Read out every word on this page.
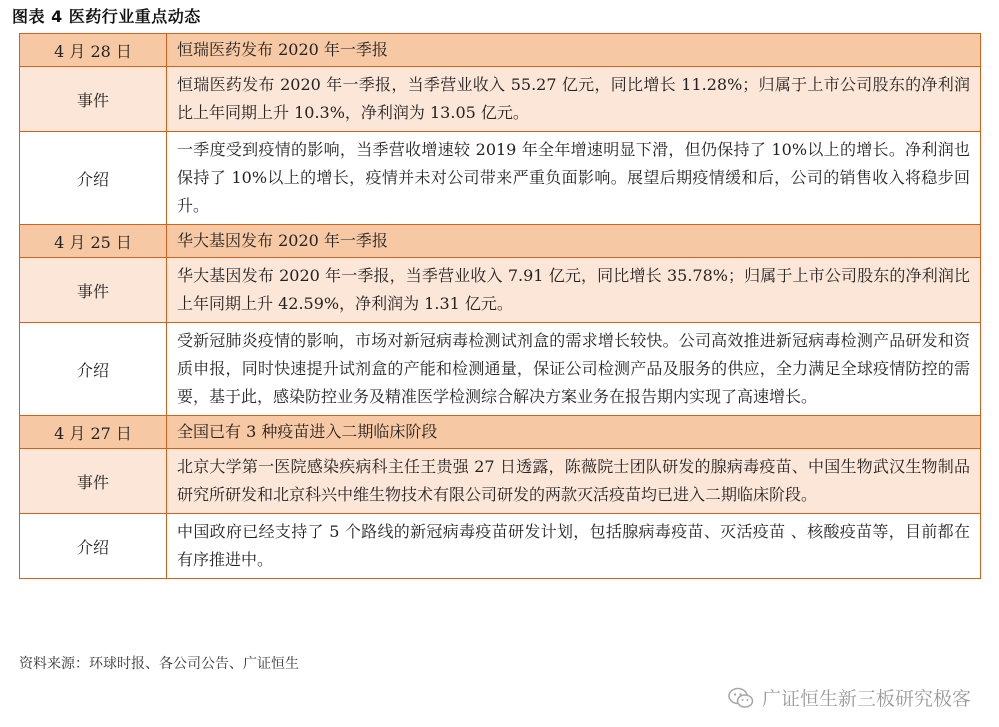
图表 4 医药行业重点动态
4 月 28 日	恒瑞医药发布 2020 年一季报
事件	恒瑞医药发布 2020 年一季报，当季营业收入 55.27 亿元，同比增长 11.28%；归属于上市公司股东的净利润比上年同期上升 10.3%，净利润为 13.05 亿元。
介绍	一季度受到疫情的影响，当季营收增速较 2019 年全年增速明显下滑，但仍保持了 10%以上的增长。净利润也保持了 10%以上的增长，疫情并未对公司带来严重负面影响。展望后期疫情缓和后，公司的销售收入将稳步回升。
4 月 25 日	华大基因发布 2020 年一季报
事件	华大基因发布 2020 年一季报，当季营业收入 7.91 亿元，同比增长 35.78%；归属于上市公司股东的净利润比上年同期上升 42.59%，净利润为 1.31 亿元。
介绍	受新冠肺炎疫情的影响，市场对新冠病毒检测试剂盒的需求增长较快。公司高效推进新冠病毒检测产品研发和资质申报，同时快速提升试剂盒的产能和检测通量，保证公司检测产品及服务的供应，全力满足全球疫情防控的需要，基于此，感染防控业务及精准医学检测综合解决方案业务在报告期内实现了高速增长。
4 月 27 日	全国已有 3 种疫苗进入二期临床阶段
事件	北京大学第一医院感染疾病科主任王贵强 27 日透露，陈薇院士团队研发的腺病毒疫苗、中国生物武汉生物制品研究所研发和北京科兴中维生物技术有限公司研发的两款灭活疫苗均已进入二期临床阶段。
介绍	中国政府已经支持了 5 个路线的新冠病毒疫苗研发计划，包括腺病毒疫苗、灭活疫苗 、核酸疫苗等，目前都在有序推进中。
资料来源：环球时报、各公司公告、广证恒生
广证恒生新三板研究极客
